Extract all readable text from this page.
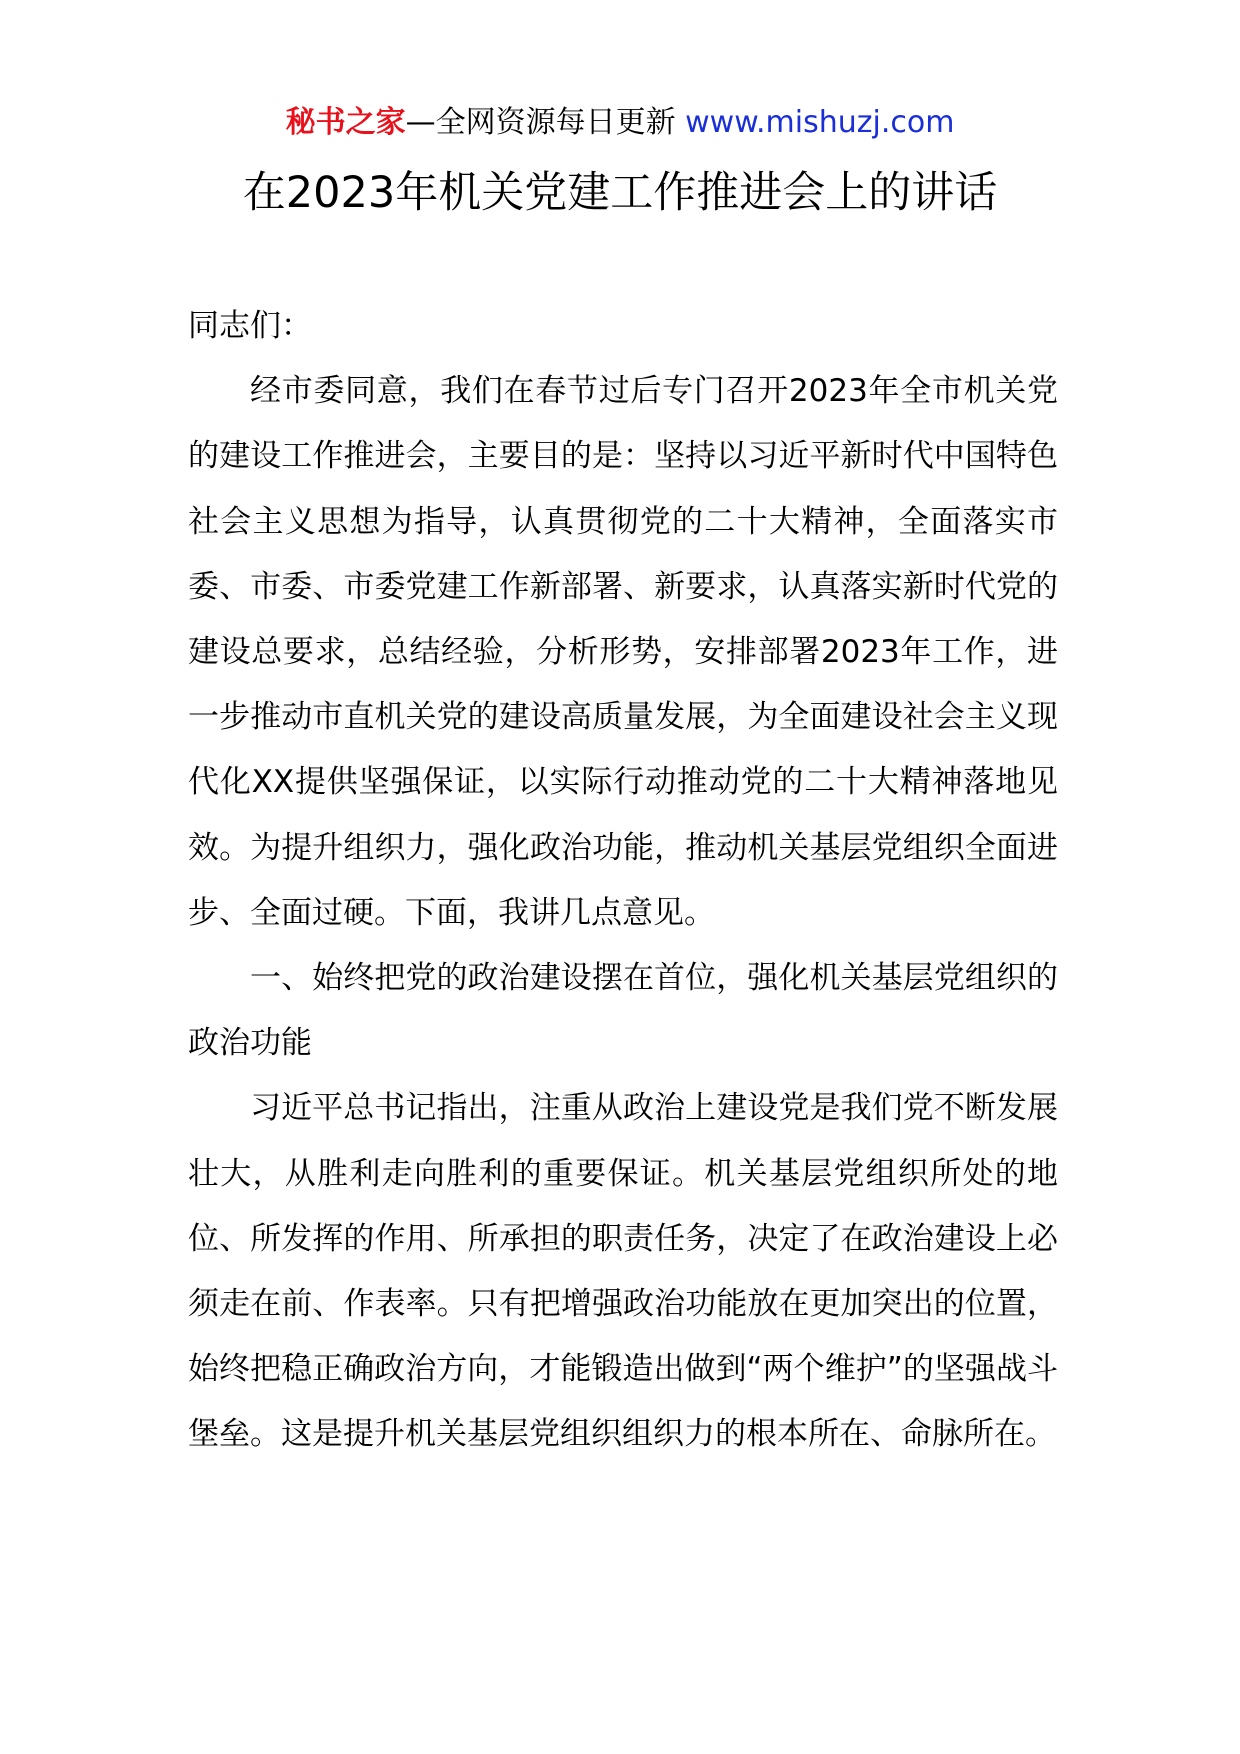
秘书之家—全网资源每日更新 www.mishuzj.com
在2023年机关党建工作推进会上的讲话

同志们：

经市委同意，我们在春节过后专门召开2023年全市机关党的建设工作推进会，主要目的是：坚持以习近平新时代中国特色社会主义思想为指导，认真贯彻党的二十大精神，全面落实市委、市委、市委党建工作新部署、新要求，认真落实新时代党的建设总要求，总结经验，分析形势，安排部署2023年工作，进一步推动市直机关党的建设高质量发展，为全面建设社会主义现代化XX提供坚强保证，以实际行动推动党的二十大精神落地见效。为提升组织力，强化政治功能，推动机关基层党组织全面进步、全面过硬。下面，我讲几点意见。

一、始终把党的政治建设摆在首位，强化机关基层党组织的政治功能

习近平总书记指出，注重从政治上建设党是我们党不断发展壮大，从胜利走向胜利的重要保证。机关基层党组织所处的地位、所发挥的作用、所承担的职责任务，决定了在政治建设上必须走在前、作表率。只有把增强政治功能放在更加突出的位置，始终把稳正确政治方向，才能锻造出做到“两个维护”的坚强战斗堡垒。这是提升机关基层党组织组织力的根本所在、命脉所在。
